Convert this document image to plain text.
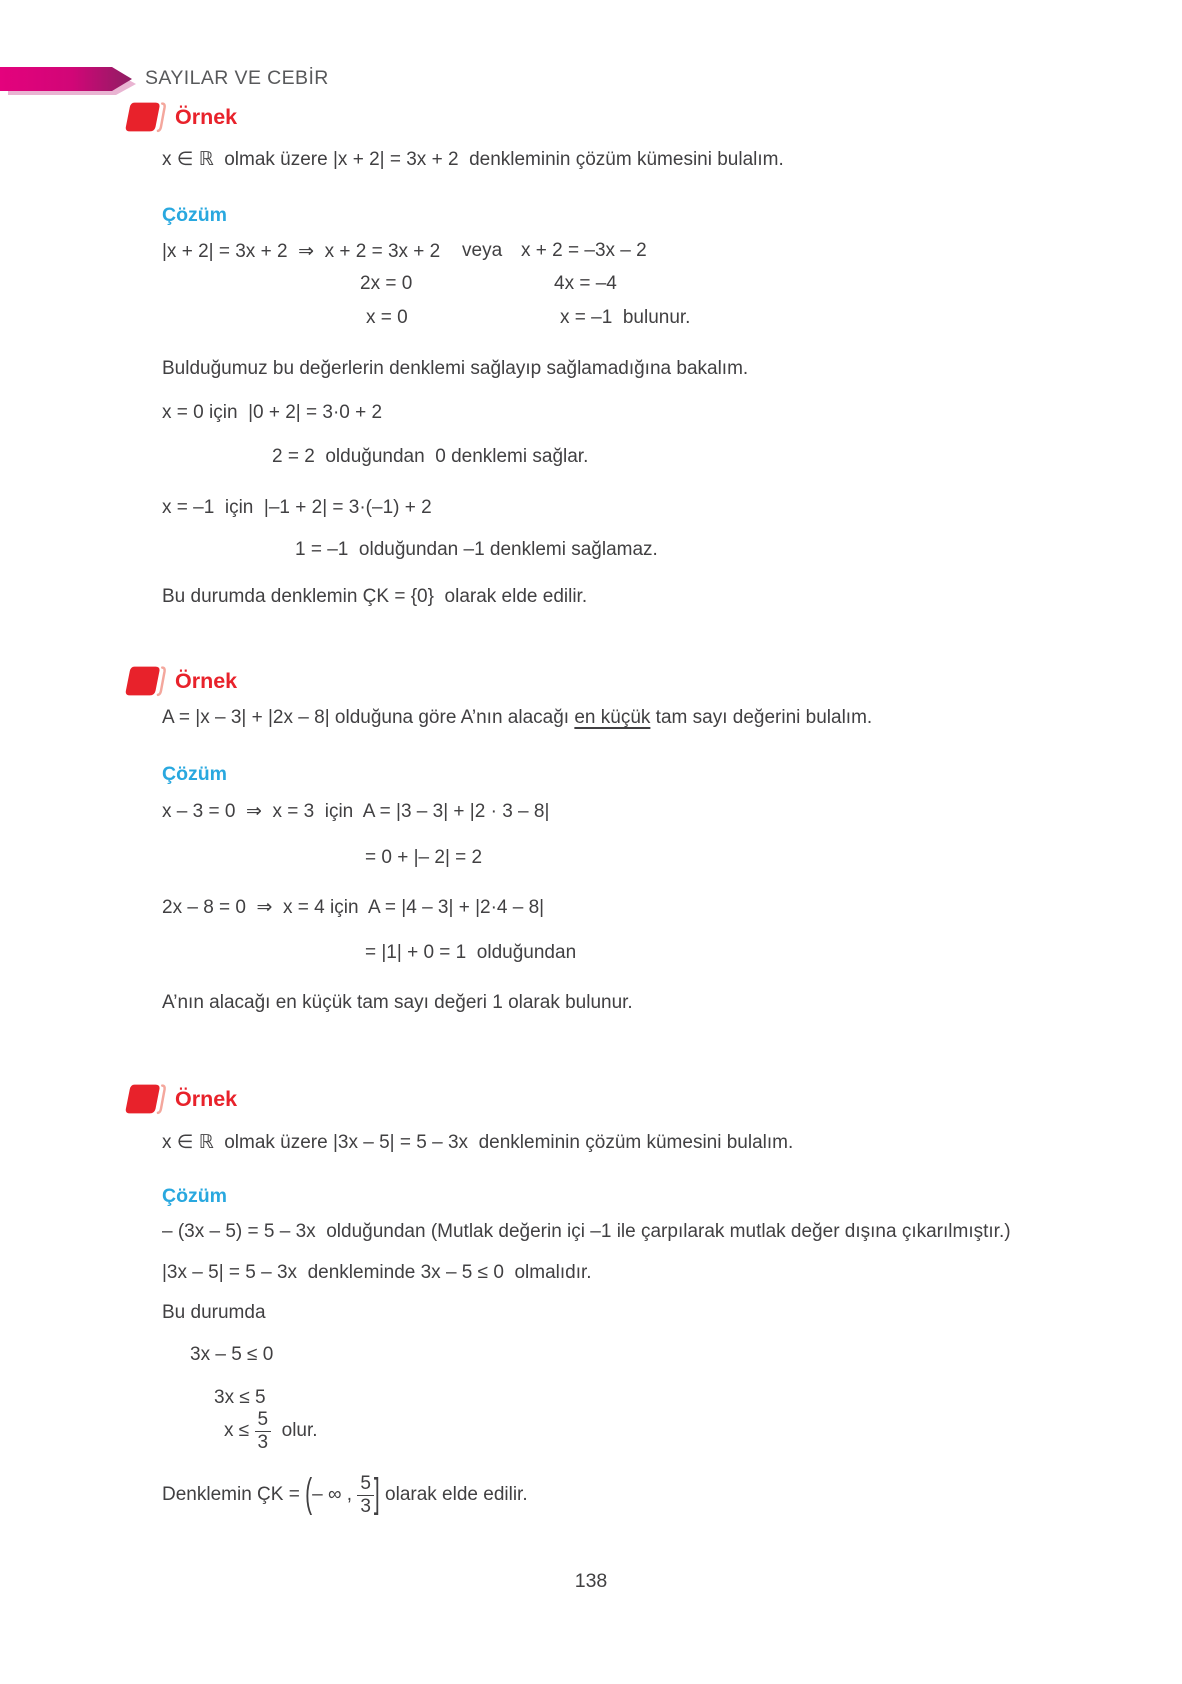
SAYILAR VE CEBİR
Örnek
x ∈ ℝ  olmak üzere |x + 2| = 3x + 2  denkleminin çözüm kümesini bulalım.
Çözüm
|x + 2| = 3x + 2  ⇒  x + 2 = 3x + 2 veya x + 2 = –3x – 2
2x = 0	4x = –4
x = 0	x = –1  bulunur.
Bulduğumuz bu değerlerin denklemi sağlayıp sağlamadığına bakalım.
x = 0 için  |0 + 2| = 3·0 + 2
2 = 2  olduğundan  0 denklemi sağlar.
x = –1  için  |–1 + 2| = 3·(–1) + 2
1 = –1  olduğundan –1 denklemi sağlamaz.
Bu durumda denklemin ÇK = {0}  olarak elde edilir.
Örnek
A = |x – 3| + |2x – 8| olduğuna göre A’nın alacağı en küçük tam sayı değerini bulalım.
Çözüm
x – 3 = 0  ⇒  x = 3  için  A = |3 – 3| + |2 · 3 – 8|
= 0 + |– 2| = 2
2x – 8 = 0  ⇒  x = 4 için  A = |4 – 3| + |2·4 – 8|
= |1| + 0 = 1  olduğundan
A’nın alacağı en küçük tam sayı değeri 1 olarak bulunur.
Örnek
x ∈ ℝ  olmak üzere |3x – 5| = 5 – 3x  denkleminin çözüm kümesini bulalım.
Çözüm
– (3x – 5) = 5 – 3x  olduğundan (Mutlak değerin içi –1 ile çarpılarak mutlak değer dışına çıkarılmıştır.)
|3x – 5| = 5 – 3x  denkleminde 3x – 5 ≤ 0  olmalıdır.
Bu durumda
3x – 5 ≤ 0
3x ≤ 5
$x \le \frac{5}{3}$ olur.
Denklemin ÇK = ( – ∞ , $\frac{5}{3}$ ] olarak elde edilir.
138
